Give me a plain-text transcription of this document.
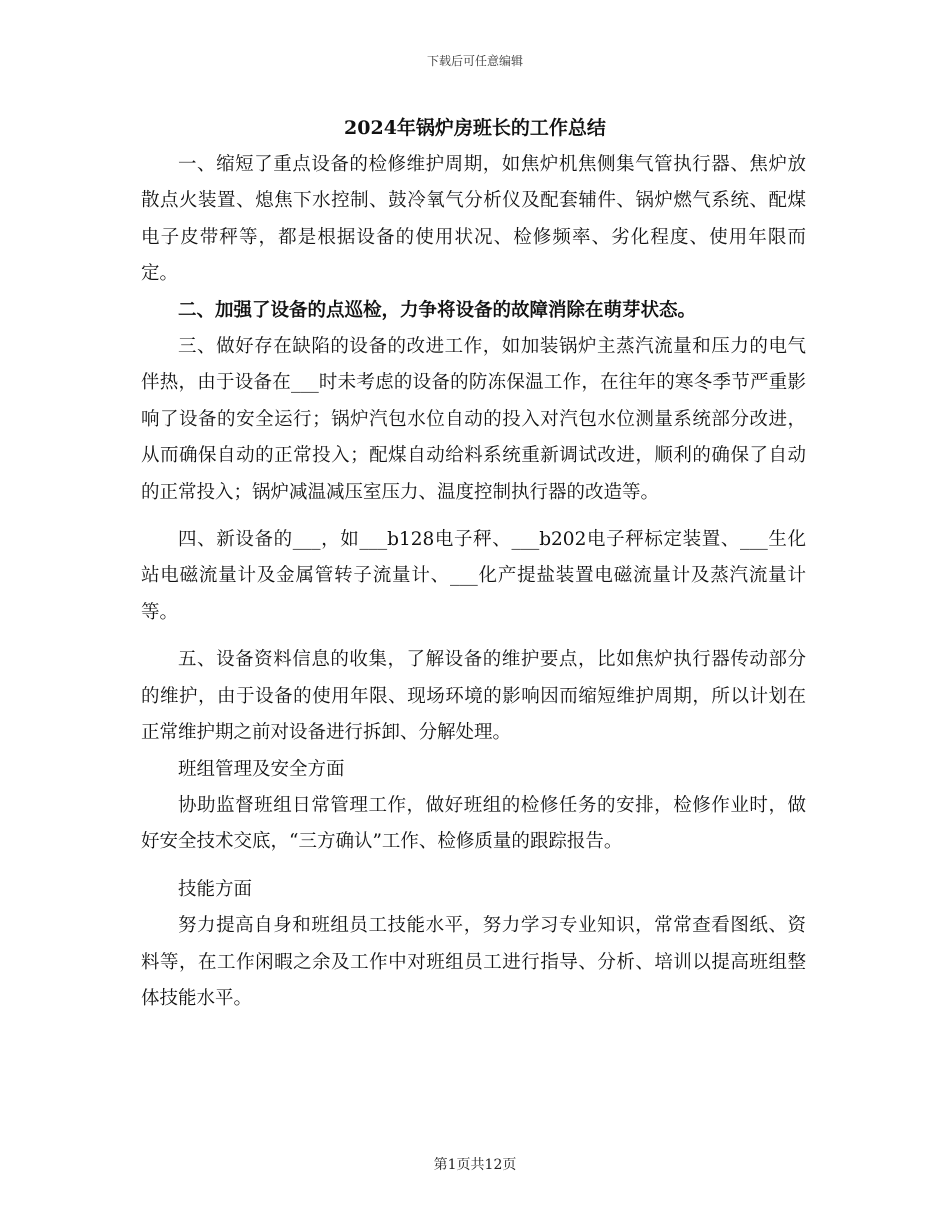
下载后可任意编辑
2024年锅炉房班长的工作总结

一、缩短了重点设备的检修维护周期，如焦炉机焦侧集气管执行器、焦炉放散点火装置、熄焦下水控制、鼓冷氧气分析仪及配套辅件、锅炉燃气系统、配煤电子皮带秤等，都是根据设备的使用状况、检修频率、劣化程度、使用年限而定。

二、加强了设备的点巡检，力争将设备的故障消除在萌芽状态。

三、做好存在缺陷的设备的改进工作，如加装锅炉主蒸汽流量和压力的电气伴热，由于设备在___时未考虑的设备的防冻保温工作，在往年的寒冬季节严重影响了设备的安全运行；锅炉汽包水位自动的投入对汽包水位测量系统部分改进，从而确保自动的正常投入；配煤自动给料系统重新调试改进，顺利的确保了自动的正常投入；锅炉减温减压室压力、温度控制执行器的改造等。

四、新设备的___，如___b128电子秤、___b202电子秤标定装置、___生化站电磁流量计及金属管转子流量计、___化产提盐装置电磁流量计及蒸汽流量计等。

五、设备资料信息的收集，了解设备的维护要点，比如焦炉执行器传动部分的维护，由于设备的使用年限、现场环境的影响因而缩短维护周期，所以计划在正常维护期之前对设备进行拆卸、分解处理。

班组管理及安全方面

协助监督班组日常管理工作，做好班组的检修任务的安排，检修作业时，做好安全技术交底，“三方确认”工作、检修质量的跟踪报告。

技能方面

努力提高自身和班组员工技能水平，努力学习专业知识，常常查看图纸、资料等，在工作闲暇之余及工作中对班组员工进行指导、分析、培训以提高班组整体技能水平。

第1页共12页
